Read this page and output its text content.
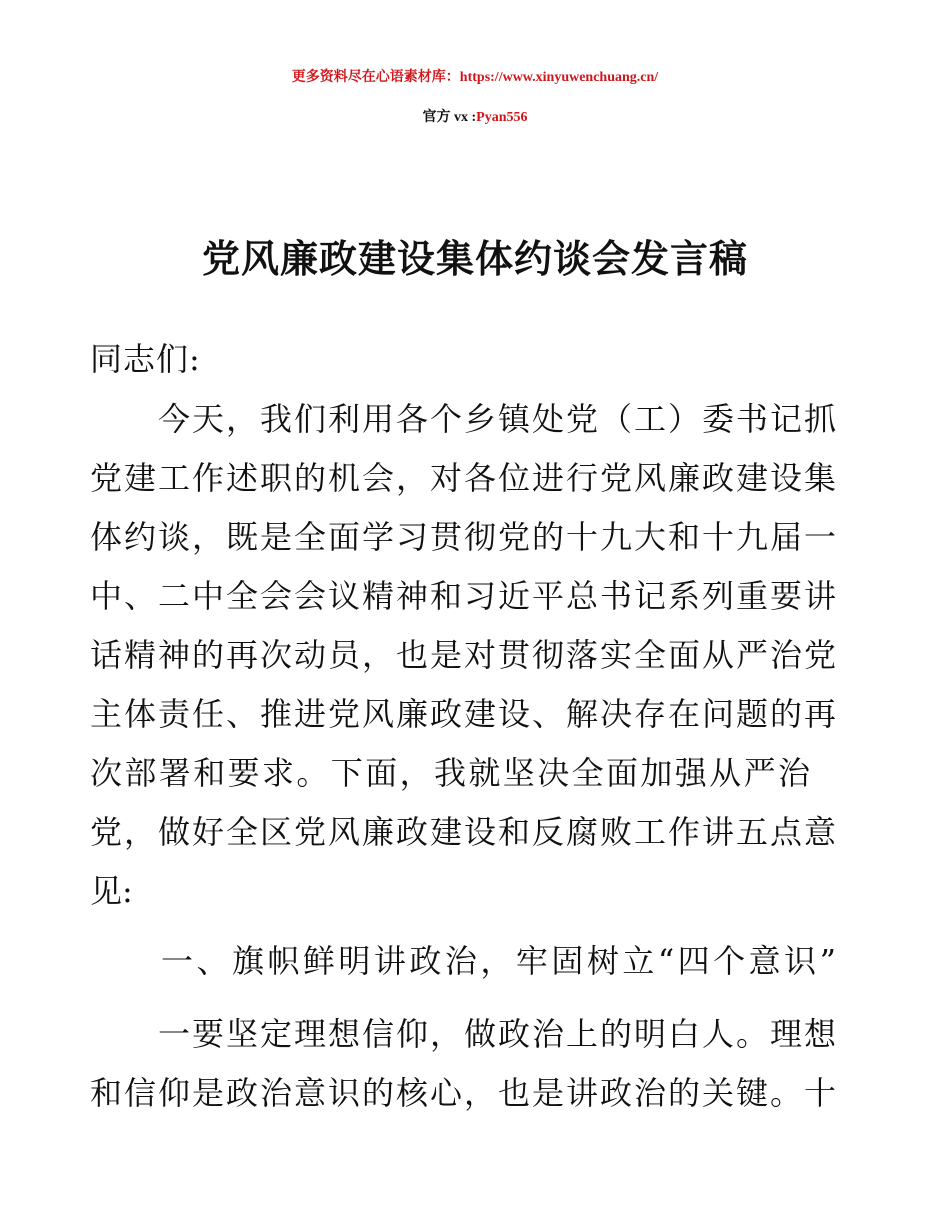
更多资料尽在心语素材库：https://www.xinyuwenchuang.cn/
官方 vx :Pyan556
党风廉政建设集体约谈会发言稿
同志们:
　　今天，我们利用各个乡镇处党（工）委书记抓
党建工作述职的机会，对各位进行党风廉政建设集
体约谈，既是全面学习贯彻党的十九大和十九届一
中、二中全会会议精神和习近平总书记系列重要讲
话精神的再次动员，也是对贯彻落实全面从严治党
主体责任、推进党风廉政建设、解决存在问题的再
次部署和要求。下面，我就坚决全面加强从严治
党，做好全区党风廉政建设和反腐败工作讲五点意
见:
　　一、旗帜鲜明讲政治，牢固树立“四个意识”
　　一要坚定理想信仰，做政治上的明白人。理想
和信仰是政治意识的核心，也是讲政治的关键。十
